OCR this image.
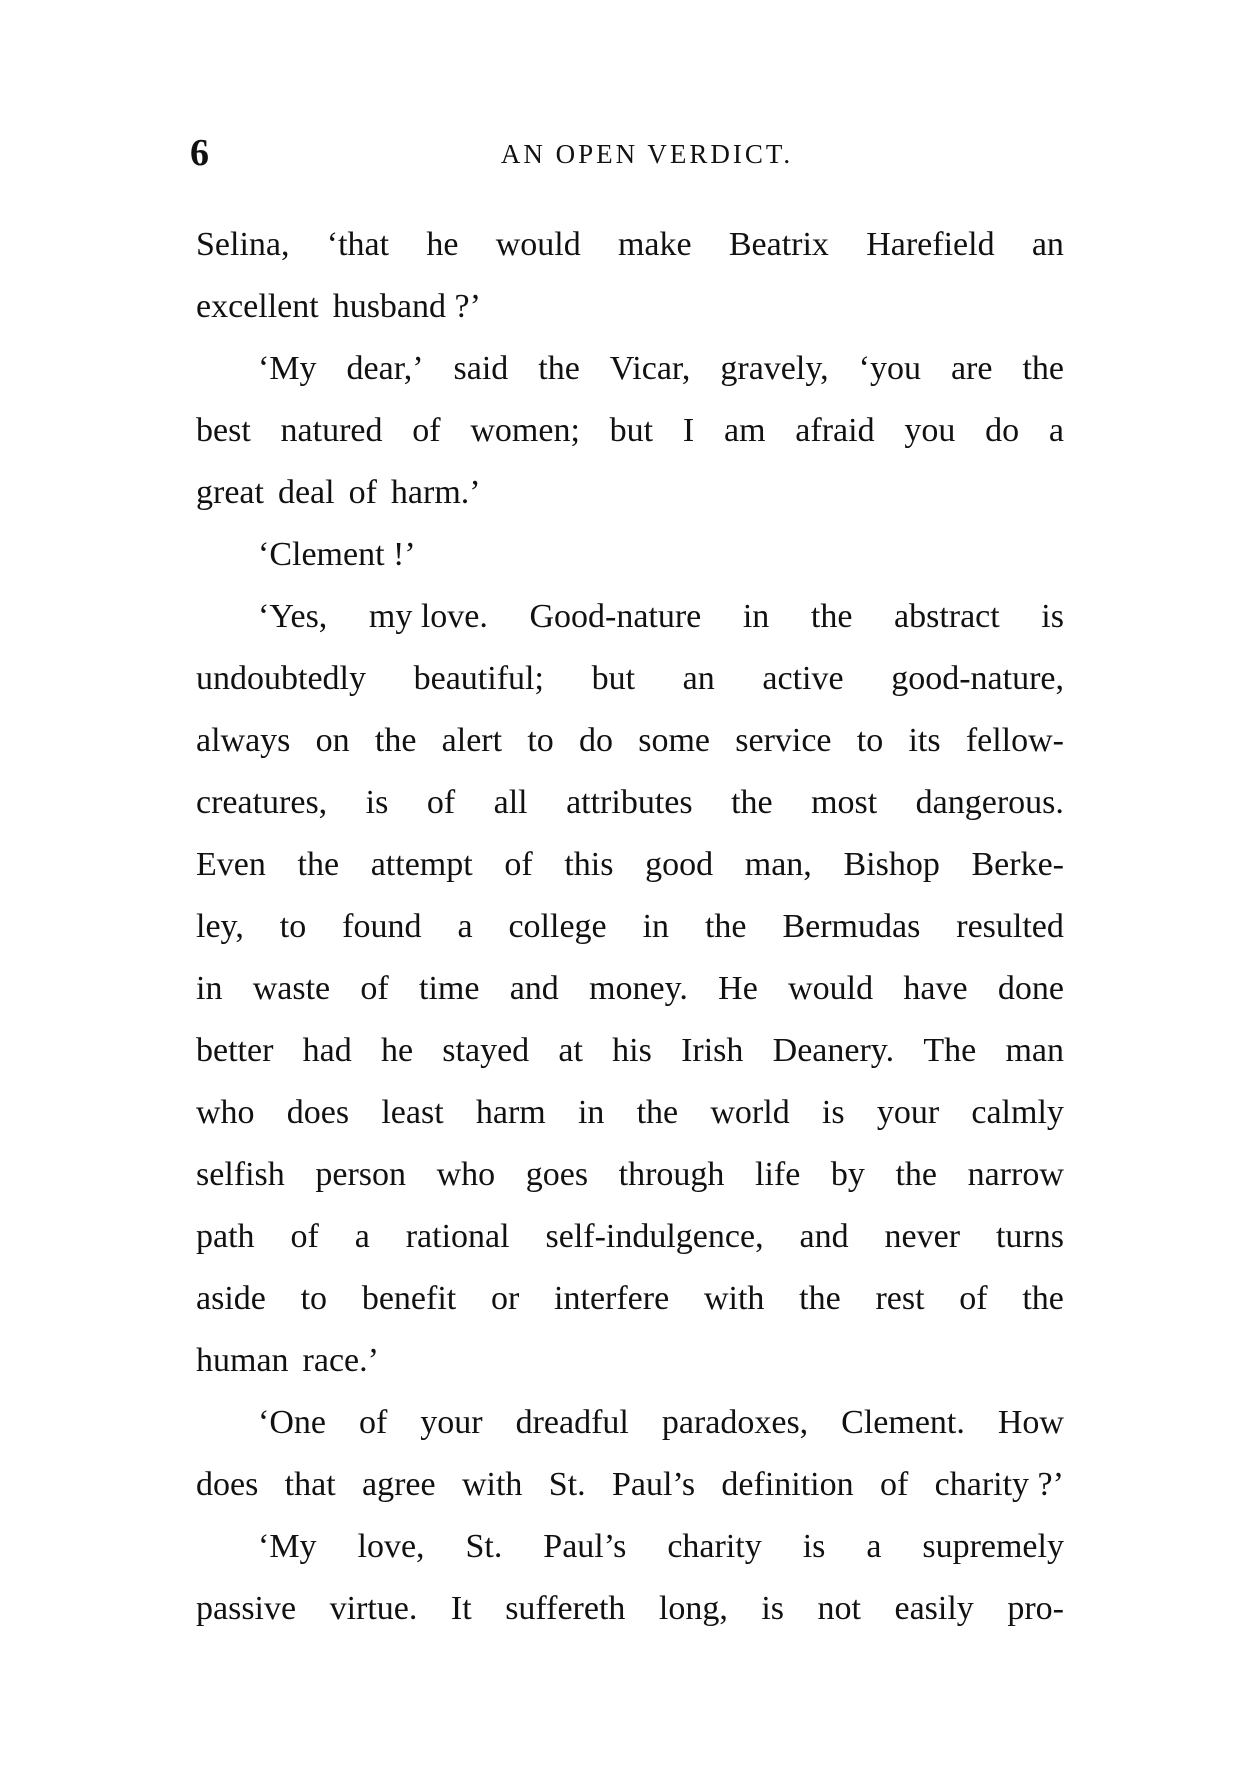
6	AN OPEN VERDICT.
Selina, ‘that he would make Beatrix Harefield an
excellent husband ?’
‘My dear,’ said the Vicar, gravely, ‘you are the
best natured of women; but I am afraid you do a
great deal of harm.’
‘Clement !’
‘Yes, my love. Good-nature in the abstract is
undoubtedly beautiful; but an active good-nature,
always on the alert to do some service to its fellow-
creatures, is of all attributes the most dangerous.
Even the attempt of this good man, Bishop Berke-
ley, to found a college in the Bermudas resulted
in waste of time and money. He would have done
better had he stayed at his Irish Deanery. The man
who does least harm in the world is your calmly
selfish person who goes through life by the narrow
path of a rational self-indulgence, and never turns
aside to benefit or interfere with the rest of the
human race.’
‘One of your dreadful paradoxes, Clement. How
does that agree with St. Paul’s definition of charity ?’
‘My love, St. Paul’s charity is a supremely
passive virtue. It suffereth long, is not easily pro-
